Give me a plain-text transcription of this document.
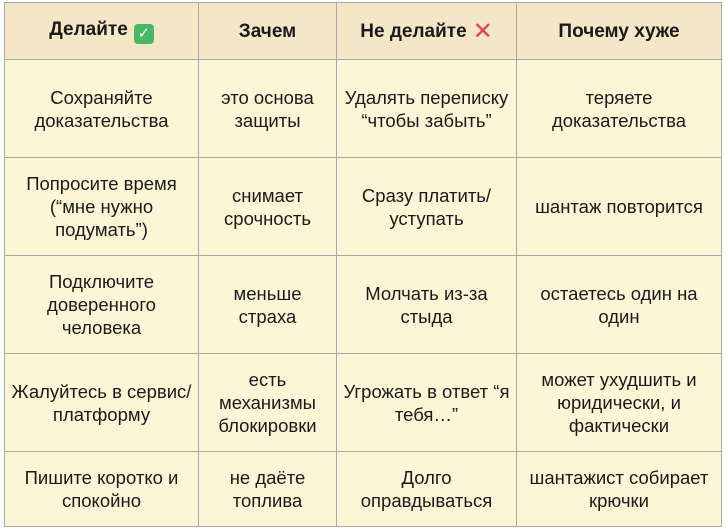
Делайте ✓	Зачем	Не делайте ✕	Почему хуже
Сохраняйте доказательства	это основа защиты	Удалять переписку “чтобы забыть”	теряете доказательства
Попросите время (“мне нужно подумать”)	снимает срочность	Сразу платить/уступать	шантаж повторится
Подключите доверенного человека	меньше страха	Молчать из-за стыда	остаетесь один на один
Жалуйтесь в сервис/платформу	есть механизмы блокировки	Угрожать в ответ “я тебя…”	может ухудшить и юридически, и фактически
Пишите коротко и спокойно	не даёте топлива	Долго оправдываться	шантажист собирает крючки
